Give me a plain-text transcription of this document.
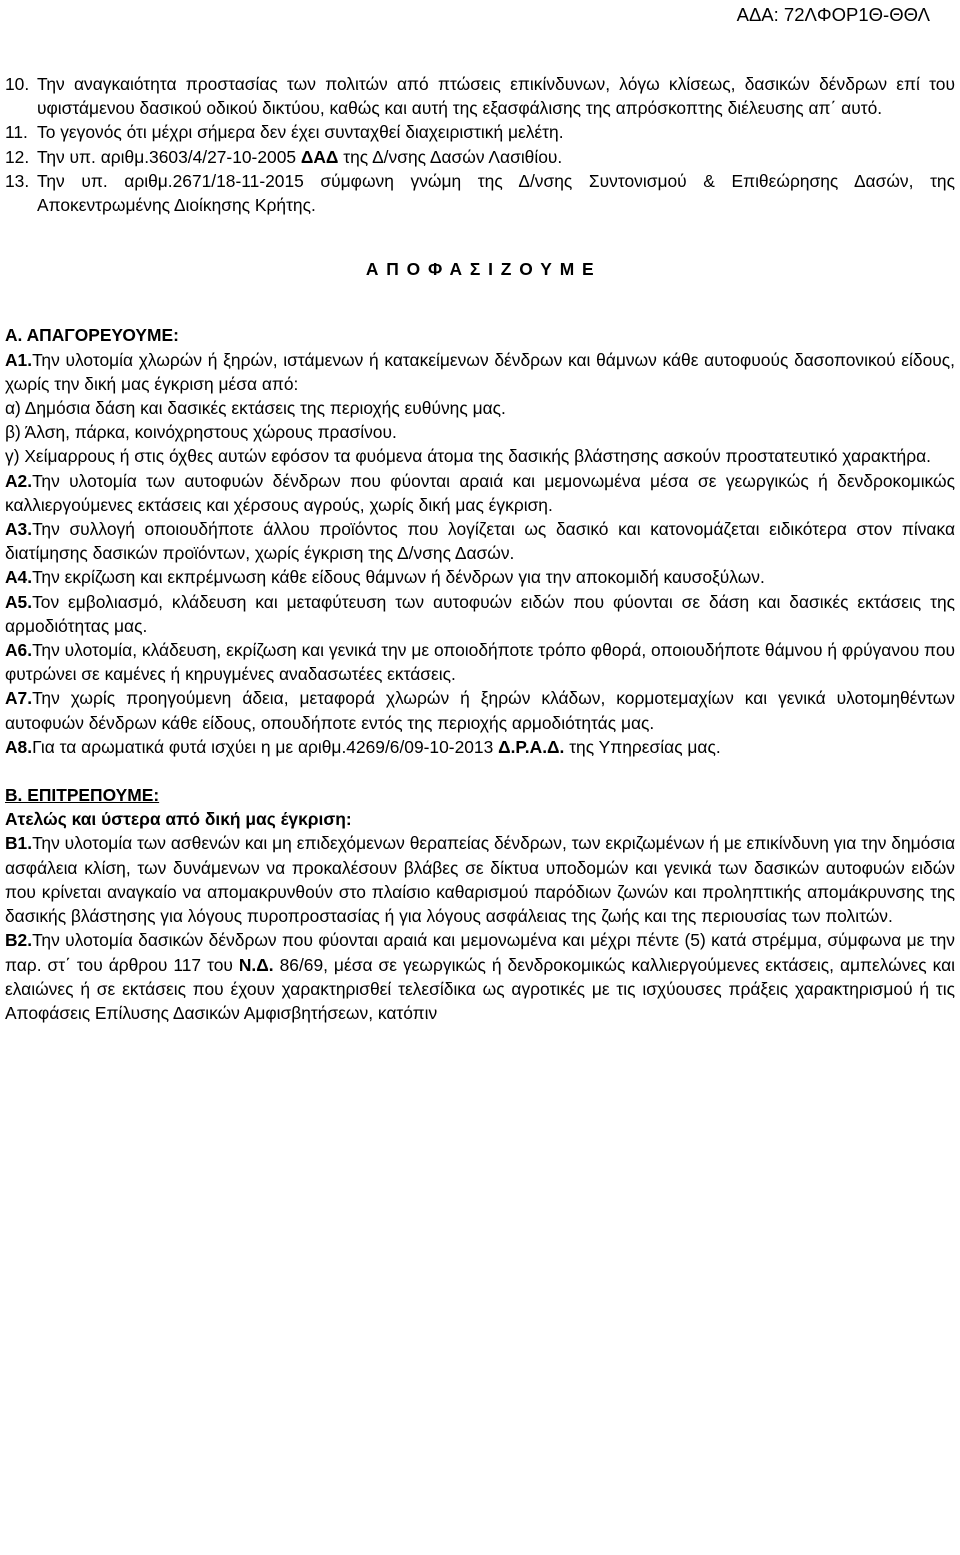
ΑΔΑ: 72ΛΦΟΡ1Θ-ΘΘΛ
10. Την αναγκαιότητα προστασίας των πολιτών από πτώσεις επικίνδυνων, λόγω κλίσεως, δασικών δένδρων επί του υφιστάμενου δασικού οδικού δικτύου, καθώς και αυτή της εξασφάλισης της απρόσκοπτης διέλευσης απ΄ αυτό.
11. Το γεγονός ότι μέχρι σήμερα δεν έχει συνταχθεί διαχειριστική μελέτη.
12. Την υπ. αριθμ.3603/4/27-10-2005 ΔΑΔ της Δ/νσης Δασών Λασιθίου.
13. Την υπ. αριθμ.2671/18-11-2015 σύμφωνη γνώμη της Δ/νσης Συντονισμού & Επιθεώρησης Δασών, της Αποκεντρωμένης Διοίκησης Κρήτης.
Α Π Ο Φ Α Σ Ι Ζ Ο Υ Μ Ε
Α. ΑΠΑΓΟΡΕΥΟΥΜΕ:

Α1.Την υλοτομία χλωρών ή ξηρών, ιστάμενων ή κατακείμενων δένδρων και θάμνων κάθε αυτοφυούς δασοπονικού είδους, χωρίς την δική μας έγκριση μέσα από:

α) Δημόσια δάση και δασικές εκτάσεις της περιοχής ευθύνης μας.

β) Άλση, πάρκα, κοινόχρηστους χώρους πρασίνου.

γ) Χείμαρρους ή στις όχθες αυτών εφόσον τα φυόμενα άτομα της δασικής βλάστησης ασκούν προστατευτικό χαρακτήρα.

Α2.Την υλοτομία των αυτοφυών δένδρων που φύονται αραιά και μεμονωμένα μέσα σε γεωργικώς ή δενδροκομικώς καλλιεργούμενες εκτάσεις και χέρσους αγρούς, χωρίς δική μας έγκριση.

Α3.Την συλλογή οποιουδήποτε άλλου προϊόντος που λογίζεται ως δασικό και κατονομάζεται ειδικότερα στον πίνακα διατίμησης δασικών προϊόντων, χωρίς έγκριση της Δ/νσης Δασών.

Α4.Την εκρίζωση και εκπρέμνωση κάθε είδους θάμνων ή δένδρων για την αποκομιδή καυσοξύλων.

Α5.Τον εμβολιασμό, κλάδευση και μεταφύτευση των αυτοφυών ειδών που φύονται σε δάση και δασικές εκτάσεις της αρμοδιότητας μας.

Α6.Την υλοτομία, κλάδευση, εκρίζωση και γενικά την με οποιοδήποτε τρόπο φθορά, οποιουδήποτε θάμνου ή φρύγανου που φυτρώνει σε καμένες ή κηρυγμένες αναδασωτέες εκτάσεις.

Α7.Την χωρίς προηγούμενη άδεια, μεταφορά χλωρών ή ξηρών κλάδων, κορμοτεμαχίων και γενικά υλοτομηθέντων αυτοφυών δένδρων κάθε είδους, οπουδήποτε εντός της περιοχής αρμοδιότητάς μας.

Α8.Για τα αρωματικά φυτά ισχύει η με αριθμ.4269/6/09-10-2013 Δ.Ρ.Α.Δ. της Υπηρεσίας μας.

Β. ΕΠΙΤΡΕΠΟΥΜΕ:
Ατελώς και ύστερα από δική μας έγκριση:

Β1.Την υλοτομία των ασθενών και μη επιδεχόμενων θεραπείας δένδρων, των εκριζωμένων ή με επικίνδυνη για την δημόσια ασφάλεια κλίση, των δυνάμενων να προκαλέσουν βλάβες σε δίκτυα υποδομών και γενικά των δασικών αυτοφυών ειδών που κρίνεται αναγκαίο να απομακρυνθούν στο πλαίσιο καθαρισμού παρόδιων ζωνών και προληπτικής απομάκρυνσης της δασικής βλάστησης για λόγους πυροπροστασίας ή για λόγους ασφάλειας της ζωής και της περιουσίας των πολιτών.

Β2.Την υλοτομία δασικών δένδρων που φύονται αραιά και μεμονωμένα και μέχρι πέντε (5) κατά στρέμμα, σύμφωνα με την παρ. στ΄ του άρθρου 117 του Ν.Δ. 86/69, μέσα σε γεωργικώς ή δενδροκομικώς καλλιεργούμενες εκτάσεις, αμπελώνες και ελαιώνες ή σε εκτάσεις που έχουν χαρακτηρισθεί τελεσίδικα ως αγροτικές με τις ισχύουσες πράξεις χαρακτηρισμού ή τις Αποφάσεις Επίλυσης Δασικών Αμφισβητήσεων, κατόπιν
